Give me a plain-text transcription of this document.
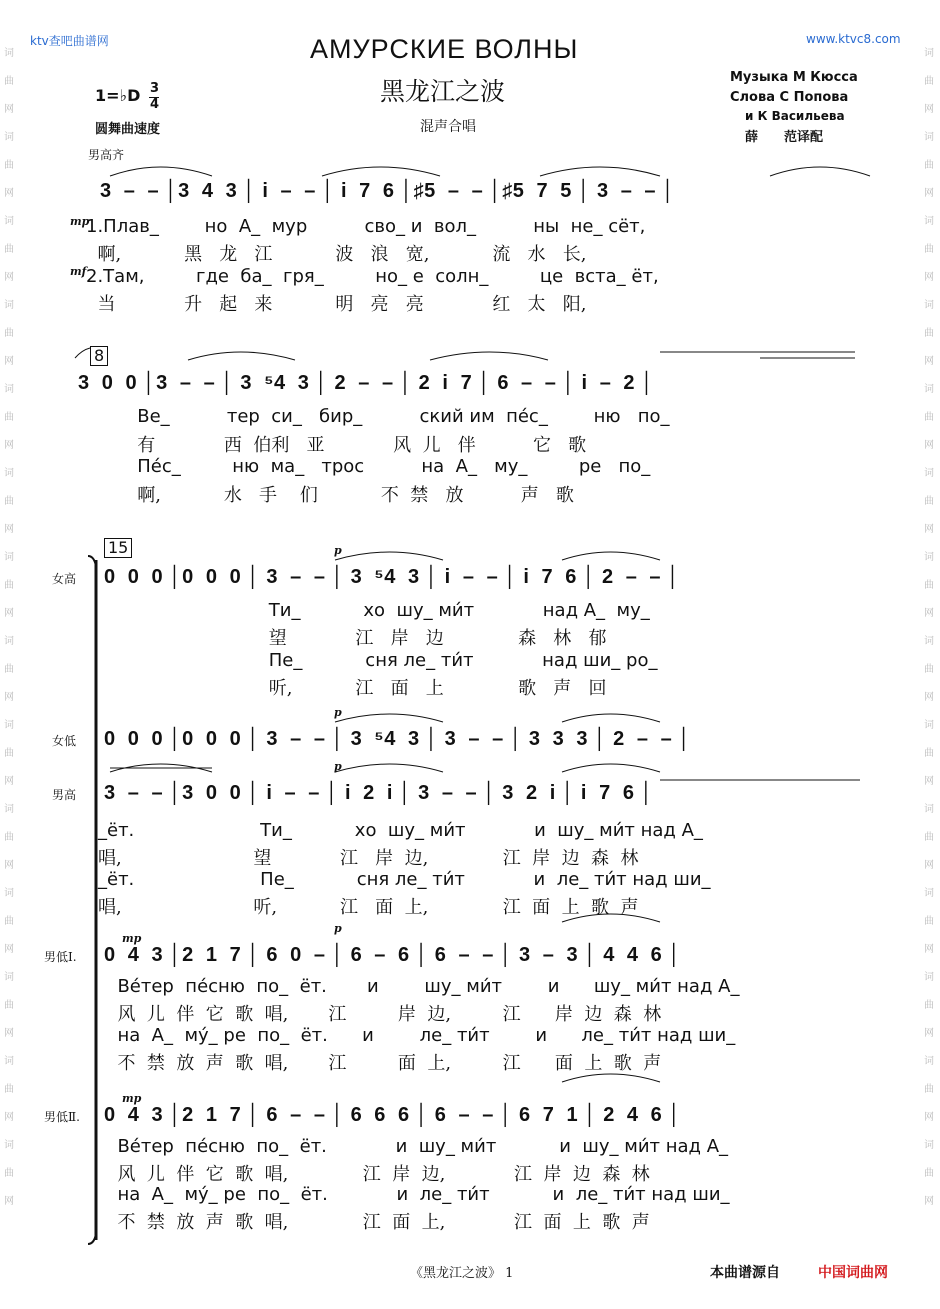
词曲网词曲网词曲网词曲网词曲网词曲网词曲网词曲网词曲网词曲网词曲网词曲网词曲网词曲网
词曲网词曲网词曲网词曲网词曲网词曲网词曲网词曲网词曲网词曲网词曲网词曲网词曲网词曲网
ktv查吧曲谱网	www.ktvc8.com
АМУРСКИЕ ВОЛНЫ
黑龙江之波
混声合唱
1=♭D 3
4
圆舞曲速度
Музыка М Кюсса
Слова С Попова
и К Васильева
薛　　范译配
男高齐
3  –  – │3  4  3 │ i  –  – │ i  7  6 │♯5  –  – │♯5  7  5 │ 3  –  – │
mp
mf
1.Плав_        но  А_  мур          сво_ и  вол_          ны  не_ сёт,
啊,           黑   龙   江           波   浪   宽,           流   水   长,
2.Там,         где  ба_  гря_         но_ е  солн_         це  вста_ ёт,
当            升   起   来           明   亮   亮            红   太   阳,
8
3  0  0 │3  –  – │ 3  ⁵4  3 │ 2  –  – │ 2  i  7 │ 6  –  – │ i  –  2 │
Ве_          тер  си_   бир_          ский им  пе́с_        ню   по_
有            西  伯利   亚            风  儿   伴          它   歌
Пе́с_         ню  ма_   трос          на  А_   му_         ре   по_
啊,           水   手    们           不  禁   放          声   歌
15
女高
p
0  0  0 │0  0  0 │ 3  –  – │ 3  ⁵4  3 │ i  –  – │ i  7  6 │ 2  –  – │
Ти_           хо  шу_ ми́т            над А_  му_
望            江   岸   边             森   林   郁
Пе_           сня ле_ ти́т            над ши_ ро_
听,           江   面   上             歌   声   回
女低
p
0  0  0 │0  0  0 │ 3  –  – │ 3  ⁵4  3 │ 3  –  – │ 3  3  3 │ 2  –  – │
男高
p
3  –  – │3  0  0 │ i  –  – │ i  2  i │ 3  –  – │ 3  2  i │ i  7  6 │
_ёт.                      Ти_           хо  шу_ ми́т            и  шу_ ми́т над А_
唱,                       望            江   岸  边,             江  岸  边  森  林
_ёт.                      Пе_           сня ле_ ти́т            и  ле_ ти́т над ши_
唱,                       听,           江   面  上,             江  面  上  歌  声
男低Ⅰ.
mp
p
0  4  3 │2  1  7 │ 6  0  – │ 6  –  6 │ 6  –  – │ 3  –  3 │ 4  4  6 │
Ве́тер  пе́сню  по_  ёт.       и        шу_ ми́т        и      шу_ ми́т над А_
风  儿  伴  它  歌  唱,       江         岸  边,         江      岸  边  森  林
на  А_  му́_ ре  по_  ёт.      и        ле_ ти́т        и      ле_ ти́т над ши_
不  禁  放  声  歌  唱,       江         面  上,         江      面  上  歌  声
男低Ⅱ.
mp
0  4  3 │2  1  7 │ 6  –  – │ 6  6  6 │ 6  –  – │ 6  7  1 │ 2  4  6 │
Ве́тер  пе́сню  по_  ёт.            и  шу_ ми́т           и  шу_ ми́т над А_
风  儿  伴  它  歌  唱,             江  岸  边,            江  岸  边  森  林
на  А_  му́_ ре  по_  ёт.            и  ле_ ти́т           и  ле_ ти́т над ши_
不  禁  放  声  歌  唱,             江  面  上,            江  面  上  歌  声
《黑龙江之波》 1	本曲谱源自	中国词曲网
